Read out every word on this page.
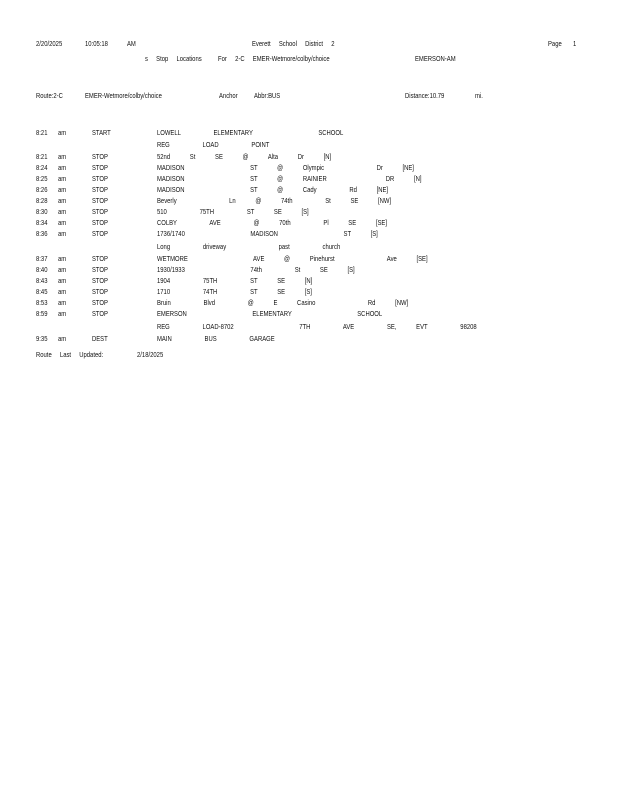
2/20/2025	10:05:18	AM	Everett     School     District     2	Page 1
s     Stop     Locations          For     2-C     EMER-Wetmore/colby/choice	EMERSON-AM
Route:2-C	EMER-Wetmore/colby/choice	Anchor Abbr:BUS	Distance:10.79	mi.
8:21 am	START	LOWELL     ELEMENTARY          SCHOOL
REG     LOAD     POINT
8:21 am	STOP	52nd   St   SE   @   Alta   Dr   [N]
8:24 am	STOP	MADISON          ST   @   Olympic        Dr   [NE]
8:25 am	STOP	MADISON          ST   @   RAINIER         DR   [N]
8:26 am	STOP	MADISON          ST   @   Cady     Rd   [NE]
8:28 am	STOP	Beverly        Ln   @   74th     St   SE   [NW]
8:30 am	STOP	510     75TH     ST   SE   [S]
8:34 am	STOP	COLBY     AVE     @   70th     Pl   SE   [SE]
8:36 am	STOP	1736/1740          MADISON          ST   [S]
Long     driveway        past     church
8:37 am	STOP	WETMORE          AVE   @   Pinehurst        Ave   [SE]
8:40 am	STOP	1930/1933          74th     St   SE   [S]
8:43 am	STOP	1904     75TH     ST   SE   [N]
8:45 am	STOP	1710     74TH     ST   SE   [S]
8:53 am	STOP	Bruin     Blvd     @   E   Casino        Rd   [NW]
8:59 am	STOP	EMERSON          ELEMENTARY          SCHOOL
REG     LOAD-8702          7TH     AVE     SE,   EVT     98208
9:35 am	DEST	MAIN     BUS     GARAGE
Route     Last     Updated:	2/18/2025
